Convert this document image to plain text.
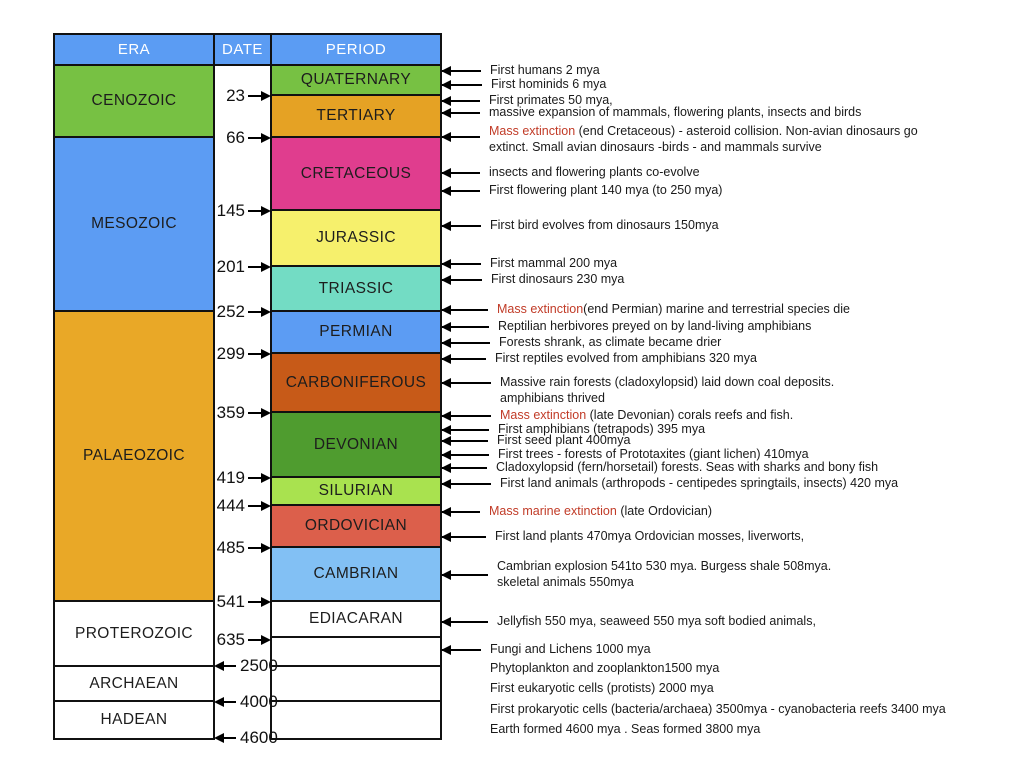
ERA
CENOZOIC
MESOZOIC
PALAEOZOIC
PROTEROZOIC
ARCHAEAN
HADEAN
DATE	PERIOD
QUATERNARY
TERTIARY
CRETACEOUS
JURASSIC
TRIASSIC
PERMIAN
CARBONIFEROUS
DEVONIAN
SILURIAN
ORDOVICIAN
CAMBRIAN
EDIACARAN
23
66
145
201
252
299
359
419
444
485
541
635
2500
4000
4600
First humans 2 mya
First hominids 6 mya
First primates 50 mya,
massive expansion of mammals, flowering plants, insects and birds
Mass extinction (end Cretaceous) - asteroid collision. Non-avian dinosaurs go
extinct. Small avian dinosaurs -birds - and mammals survive
insects and flowering plants co-evolve
First flowering plant 140 mya (to 250 mya)
First bird evolves from dinosaurs 150mya
First mammal 200 mya
First dinosaurs 230 mya
Mass extinction(end Permian) marine and terrestrial species die
Reptilian herbivores preyed on by land-living amphibians
Forests shrank, as climate became drier
First reptiles evolved from amphibians 320 mya
Massive rain forests (cladoxylopsid) laid down coal deposits.
amphibians thrived
Mass extinction (late Devonian) corals reefs and fish.
First amphibians (tetrapods) 395 mya
First seed plant 400mya
First trees - forests of Prototaxites (giant lichen) 410mya
Cladoxylopsid (fern/horsetail) forests. Seas with sharks and bony fish
First land animals (arthropods - centipedes springtails, insects) 420 mya
Mass marine extinction (late Ordovician)
First land plants 470mya Ordovician mosses, liverworts,
Cambrian explosion 541to 530 mya. Burgess shale 508mya.
skeletal animals 550mya
Jellyfish 550 mya, seaweed 550 mya soft bodied animals,
Fungi and Lichens 1000 mya
Phytoplankton and zooplankton1500 mya
First eukaryotic cells (protists) 2000 mya
First prokaryotic cells (bacteria/archaea) 3500mya - cyanobacteria reefs 3400 mya
Earth formed 4600 mya . Seas formed 3800 mya
